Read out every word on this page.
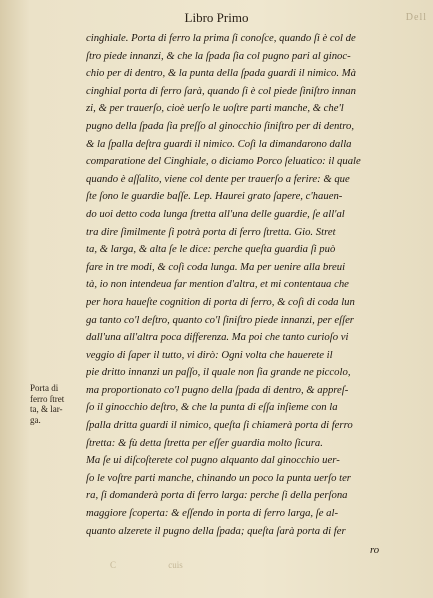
Libro Primo	Dell
cinghiale. Porta di ferro la prima ſi conoſce, quando ſi è col de
ſtro piede innanzi, & che la ſpada ſia col pugno pari al ginoc-
chio per di dentro, & la punta della ſpada guardi il nimico. Mà
cinghial porta di ferro ſarà, quando ſi è col piede ſiniſtro innan
zi, & per trauerſo, cioè uerſo le uoſtre parti manche, & che'l
pugno della ſpada ſia preſſo al ginocchio ſiniſtro per di dentro,
& la ſpalla deſtra guardi il nimico. Coſì la dimandarono dalla
comparatione del Cinghiale, o diciamo Porco ſeluatico: il quale
quando è aſſalito, viene col dente per trauerſo a ferire: & que
ſte ſono le guardie baſſe. Lep. Haurei grato ſapere, c'hauen-
do uoi detto coda lunga ſtretta all'una delle guardie, ſe all'al
tra dire ſimilmente ſi potrà porta di ferro ſtretta. Gio. Stret
ta, & larga, & alta ſe le dice: perche queſta guardia ſi può
fare in tre modi, & coſì coda lunga. Ma per uenire alla breui
tà, io non intendeua far mention d'altra, et mi contentaua che
per hora haueſte cognition di porta di ferro, & coſì di coda lun
ga tanto co'l deſtro, quanto co'l ſiniſtro piede innanzi, per eſſer
dall'una all'altra poca differenza. Ma poi che tanto curioſo vi
veggio di ſaper il tutto, vi dirò: Ogni volta che hauerete il
pie dritto innanzi un paſſo, il quale non ſia grande ne piccolo,
ma proportionato co'l pugno della ſpada di dentro, & appreſ-
ſo il ginocchio deſtro, & che la punta di eſſa inſieme con la
ſpalla dritta guardi il nimico, queſta ſi chiamerà porta di ferro
ſtretta: & fù detta ſtretta per eſſer guardia molto ſicura.
Ma ſe ui diſcoſterete col pugno alquanto dal ginocchio uer-
ſo le voſtre parti manche, chinando un poco la punta uerſo ter
ra, ſi domanderà porta di ferro larga: perche ſi della perſona
maggiore ſcoperta: & eſſendo in porta di ferro larga, ſe al-
quanto alzerete il pugno della ſpada; queſta ſarà porta di fer
Porta di
ferro ſtret
ta, & lar-
ga.
ro
C	cuis
